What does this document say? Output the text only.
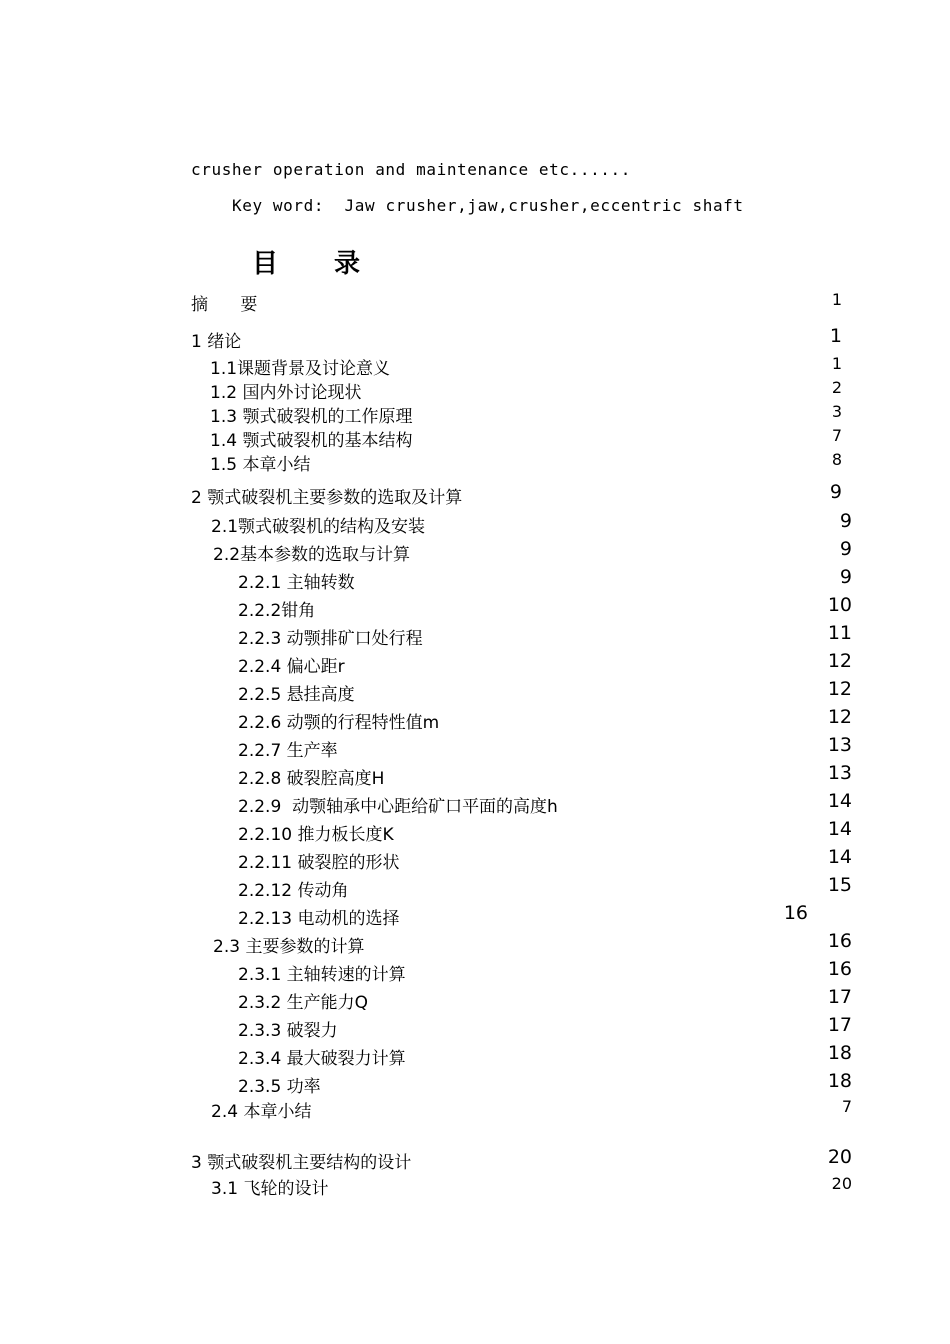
crusher operation and maintenance etc......
Key word:  Jaw crusher,jaw,crusher,eccentric shaft
目 录
摘      要	1
1 绪论	1
1.1课题背景及讨论意义	1
1.2 国内外讨论现状	2
1.3 颚式破裂机的工作原理	3
1.4 颚式破裂机的基本结构	7
1.5 本章小结	8
2 颚式破裂机主要参数的选取及计算	9
2.1颚式破裂机的结构及安装	9
2.2基本参数的选取与计算	9
2.2.1 主轴转数	9
2.2.2钳角	10
2.2.3 动颚排矿口处行程	11
2.2.4 偏心距r	12
2.2.5 悬挂高度	12
2.2.6 动颚的行程特性值m	12
2.2.7 生产率	13
2.2.8 破裂腔高度H	13
2.2.9  动颚轴承中心距给矿口平面的高度h	14
2.2.10 推力板长度K	14
2.2.11 破裂腔的形状	14
2.2.12 传动角	15
2.2.13 电动机的选择	16
2.3 主要参数的计算	16
2.3.1 主轴转速的计算	16
2.3.2 生产能力Q	17
2.3.3 破裂力	17
2.3.4 最大破裂力计算	18
2.3.5 功率	18
2.4 本章小结	7
3 颚式破裂机主要结构的设计	20
3.1 飞轮的设计	20
